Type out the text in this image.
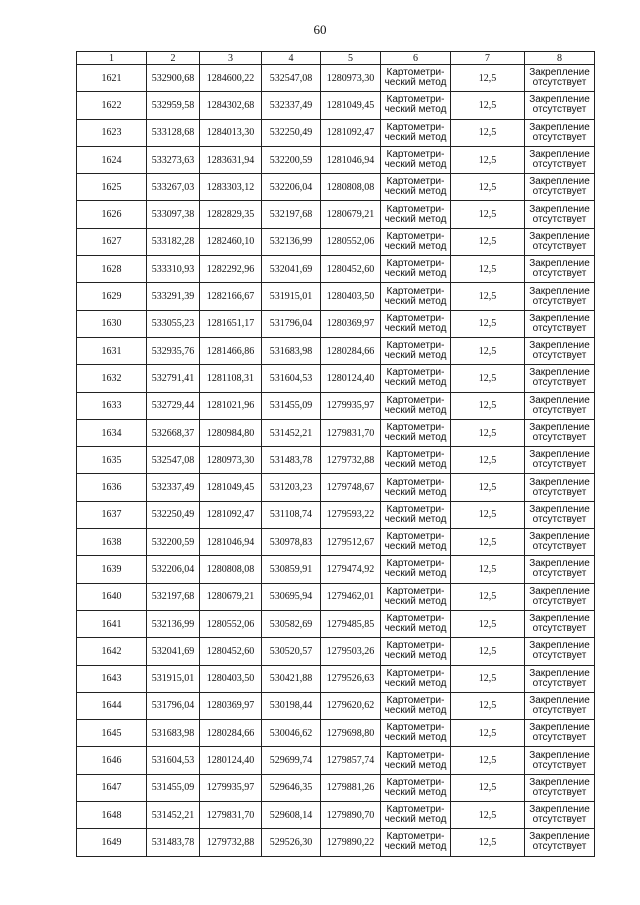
60
1	2	3	4	5	6	7	8
1621	532900,68	1284600,22	532547,08	1280973,30	Картометри-
ческий метод	12,5	Закрепление
отсутствует
1622	532959,58	1284302,68	532337,49	1281049,45	Картометри-
ческий метод	12,5	Закрепление
отсутствует
1623	533128,68	1284013,30	532250,49	1281092,47	Картометри-
ческий метод	12,5	Закрепление
отсутствует
1624	533273,63	1283631,94	532200,59	1281046,94	Картометри-
ческий метод	12,5	Закрепление
отсутствует
1625	533267,03	1283303,12	532206,04	1280808,08	Картометри-
ческий метод	12,5	Закрепление
отсутствует
1626	533097,38	1282829,35	532197,68	1280679,21	Картометри-
ческий метод	12,5	Закрепление
отсутствует
1627	533182,28	1282460,10	532136,99	1280552,06	Картометри-
ческий метод	12,5	Закрепление
отсутствует
1628	533310,93	1282292,96	532041,69	1280452,60	Картометри-
ческий метод	12,5	Закрепление
отсутствует
1629	533291,39	1282166,67	531915,01	1280403,50	Картометри-
ческий метод	12,5	Закрепление
отсутствует
1630	533055,23	1281651,17	531796,04	1280369,97	Картометри-
ческий метод	12,5	Закрепление
отсутствует
1631	532935,76	1281466,86	531683,98	1280284,66	Картометри-
ческий метод	12,5	Закрепление
отсутствует
1632	532791,41	1281108,31	531604,53	1280124,40	Картометри-
ческий метод	12,5	Закрепление
отсутствует
1633	532729,44	1281021,96	531455,09	1279935,97	Картометри-
ческий метод	12,5	Закрепление
отсутствует
1634	532668,37	1280984,80	531452,21	1279831,70	Картометри-
ческий метод	12,5	Закрепление
отсутствует
1635	532547,08	1280973,30	531483,78	1279732,88	Картометри-
ческий метод	12,5	Закрепление
отсутствует
1636	532337,49	1281049,45	531203,23	1279748,67	Картометри-
ческий метод	12,5	Закрепление
отсутствует
1637	532250,49	1281092,47	531108,74	1279593,22	Картометри-
ческий метод	12,5	Закрепление
отсутствует
1638	532200,59	1281046,94	530978,83	1279512,67	Картометри-
ческий метод	12,5	Закрепление
отсутствует
1639	532206,04	1280808,08	530859,91	1279474,92	Картометри-
ческий метод	12,5	Закрепление
отсутствует
1640	532197,68	1280679,21	530695,94	1279462,01	Картометри-
ческий метод	12,5	Закрепление
отсутствует
1641	532136,99	1280552,06	530582,69	1279485,85	Картометри-
ческий метод	12,5	Закрепление
отсутствует
1642	532041,69	1280452,60	530520,57	1279503,26	Картометри-
ческий метод	12,5	Закрепление
отсутствует
1643	531915,01	1280403,50	530421,88	1279526,63	Картометри-
ческий метод	12,5	Закрепление
отсутствует
1644	531796,04	1280369,97	530198,44	1279620,62	Картометри-
ческий метод	12,5	Закрепление
отсутствует
1645	531683,98	1280284,66	530046,62	1279698,80	Картометри-
ческий метод	12,5	Закрепление
отсутствует
1646	531604,53	1280124,40	529699,74	1279857,74	Картометри-
ческий метод	12,5	Закрепление
отсутствует
1647	531455,09	1279935,97	529646,35	1279881,26	Картометри-
ческий метод	12,5	Закрепление
отсутствует
1648	531452,21	1279831,70	529608,14	1279890,70	Картометри-
ческий метод	12,5	Закрепление
отсутствует
1649	531483,78	1279732,88	529526,30	1279890,22	Картометри-
ческий метод	12,5	Закрепление
отсутствует
